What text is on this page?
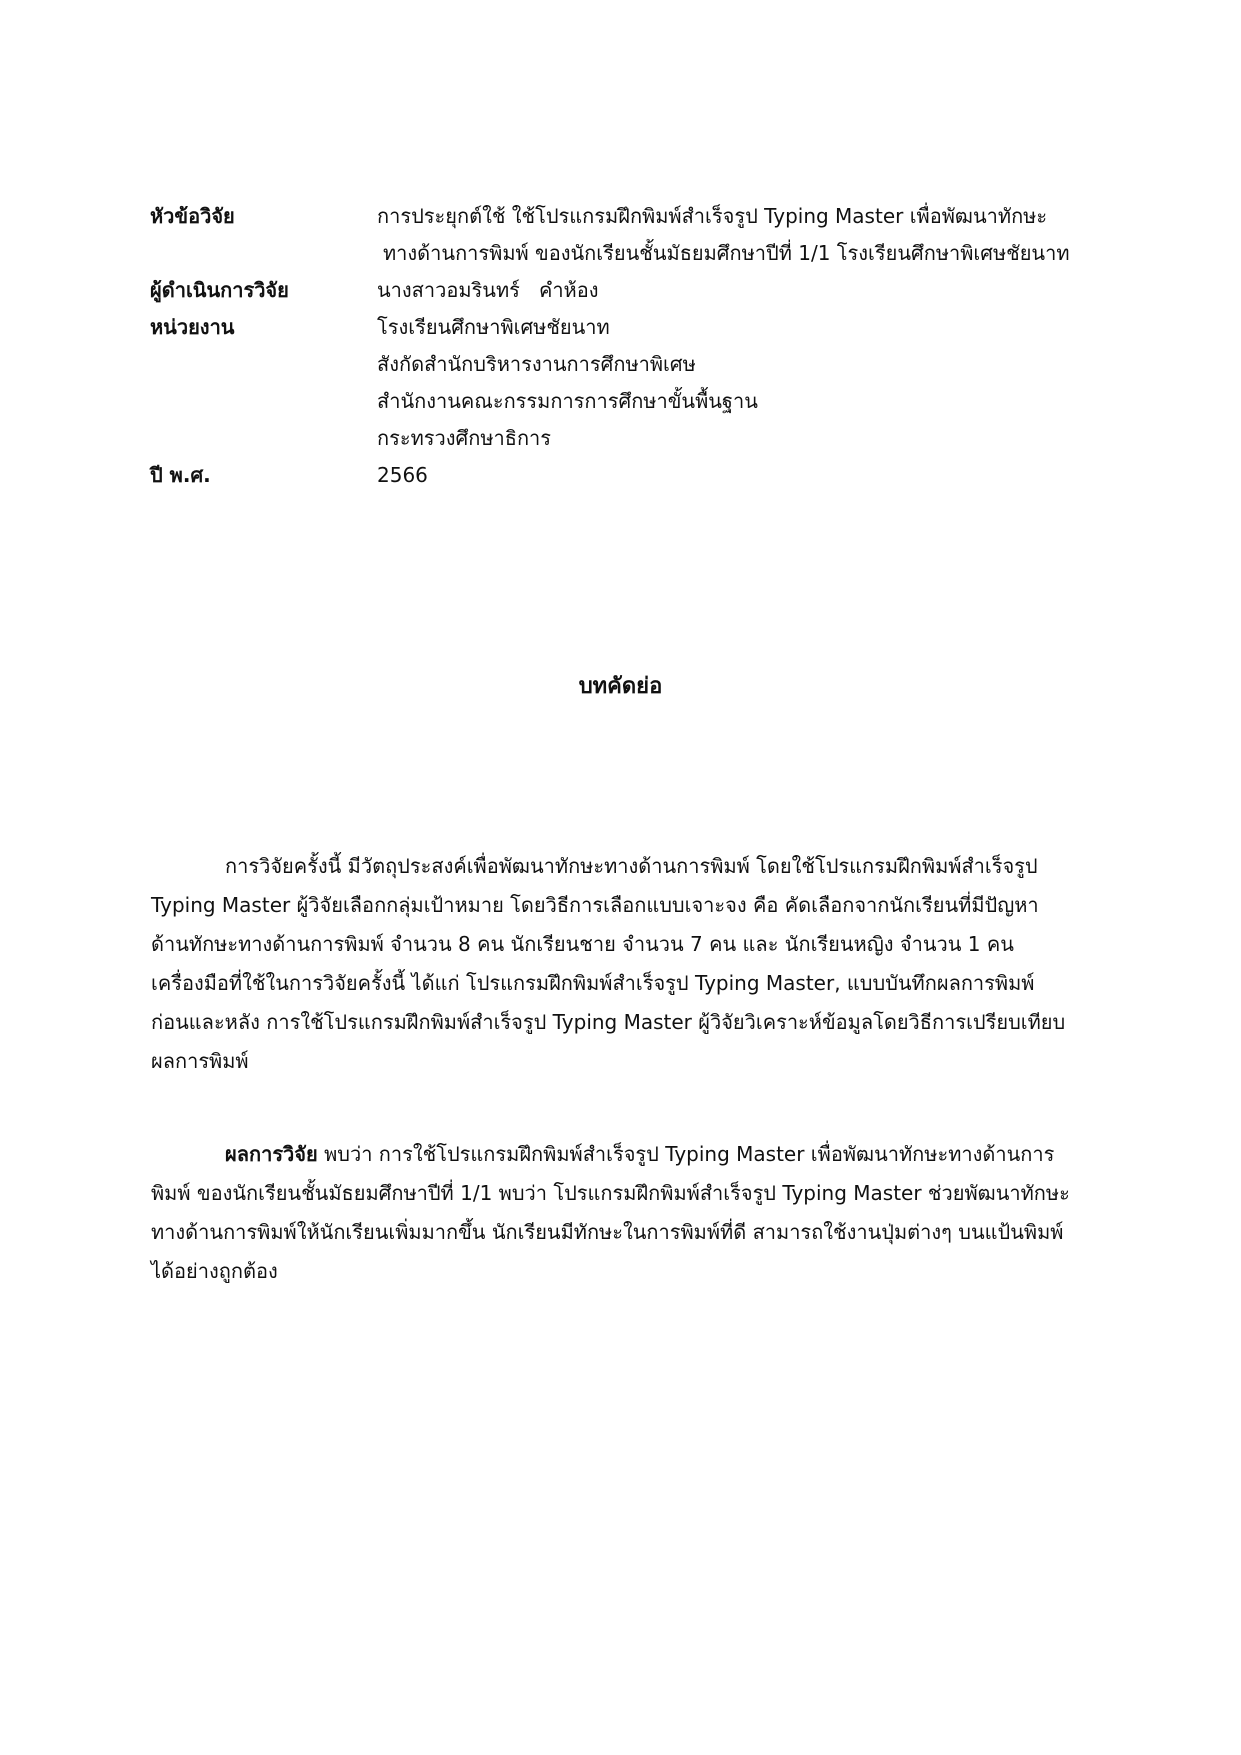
หัวข้อวิจัย	การประยุกต์ใช้ ใช้โปรแกรมฝึกพิมพ์สำเร็จรูป Typing Master เพื่อพัฒนาทักษะ
ทางด้านการพิมพ์ ของนักเรียนชั้นมัธยมศึกษาปีที่ 1/1 โรงเรียนศึกษาพิเศษชัยนาท
ผู้ดำเนินการวิจัย	นางสาวอมรินทร์   คำห้อง
หน่วยงาน	โรงเรียนศึกษาพิเศษชัยนาท
สังกัดสำนักบริหารงานการศึกษาพิเศษ
สำนักงานคณะกรรมการการศึกษาขั้นพื้นฐาน
กระทรวงศึกษาธิการ
ปี พ.ศ.	2566
บทคัดย่อ
การวิจัยครั้งนี้ มีวัตถุประสงค์เพื่อพัฒนาทักษะทางด้านการพิมพ์ โดยใช้โปรแกรมฝึกพิมพ์สำเร็จรูป
Typing Master ผู้วิจัยเลือกกลุ่มเป้าหมาย โดยวิธีการเลือกแบบเจาะจง คือ คัดเลือกจากนักเรียนที่มีปัญหา
ด้านทักษะทางด้านการพิมพ์ จำนวน 8 คน นักเรียนชาย จำนวน 7 คน และ นักเรียนหญิง จำนวน 1 คน
เครื่องมือที่ใช้ในการวิจัยครั้งนี้ ได้แก่ โปรแกรมฝึกพิมพ์สำเร็จรูป Typing Master, แบบบันทึกผลการพิมพ์
ก่อนและหลัง การใช้โปรแกรมฝึกพิมพ์สำเร็จรูป Typing Master ผู้วิจัยวิเคราะห์ข้อมูลโดยวิธีการเปรียบเทียบ
ผลการพิมพ์
ผลการวิจัย พบว่า การใช้โปรแกรมฝึกพิมพ์สำเร็จรูป Typing Master เพื่อพัฒนาทักษะทางด้านการ
พิมพ์ ของนักเรียนชั้นมัธยมศึกษาปีที่ 1/1 พบว่า โปรแกรมฝึกพิมพ์สำเร็จรูป Typing Master ช่วยพัฒนาทักษะ
ทางด้านการพิมพ์ให้นักเรียนเพิ่มมากขึ้น นักเรียนมีทักษะในการพิมพ์ที่ดี สามารถใช้งานปุ่มต่างๆ บนแป้นพิมพ์
ได้อย่างถูกต้อง
